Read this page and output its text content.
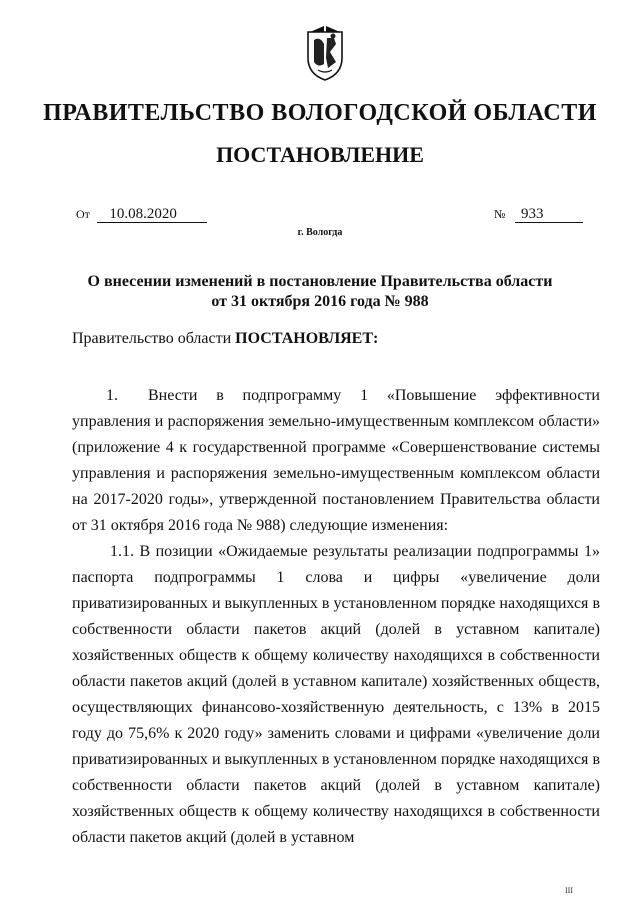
ПРАВИТЕЛЬСТВО ВОЛОГОДСКОЙ ОБЛАСТИ
ПОСТАНОВЛЕНИЕ
От 10.08.2020	№ 933
г. Вологда
О внесении изменений в постановление Правительства области
от 31 октября 2016 года № 988
Правительство области ПОСТАНОВЛЯЕТ:

1. Внести в подпрограмму 1 «Повышение эффективности управления и распоряжения земельно-имущественным комплексом области» (приложение 4 к государственной программе «Совершенствование системы управления и распоряжения земельно-имущественным комплексом области на 2017-2020 годы», утвержденной постановлением Правительства области от 31 октября 2016 года № 988) следующие изменения:

1.1. В позиции «Ожидаемые результаты реализации подпрограммы 1» паспорта подпрограммы 1 слова и цифры «увеличение доли приватизированных и выкупленных в установленном порядке находящихся в собственности области пакетов акций (долей в уставном капитале) хозяйственных обществ к общему количеству находящихся в собственности области пакетов акций (долей в уставном капитале) хозяйственных обществ, осуществляющих финансово-хозяйственную деятельность, с 13% в 2015 году до 75,6% к 2020 году» заменить словами и цифрами «увеличение доли приватизированных и выкупленных в установленном порядке находящихся в собственности области пакетов акций (долей в уставном капитале) хозяйственных обществ к общему количеству находящихся в собственности области пакетов акций (долей в уставном

III
